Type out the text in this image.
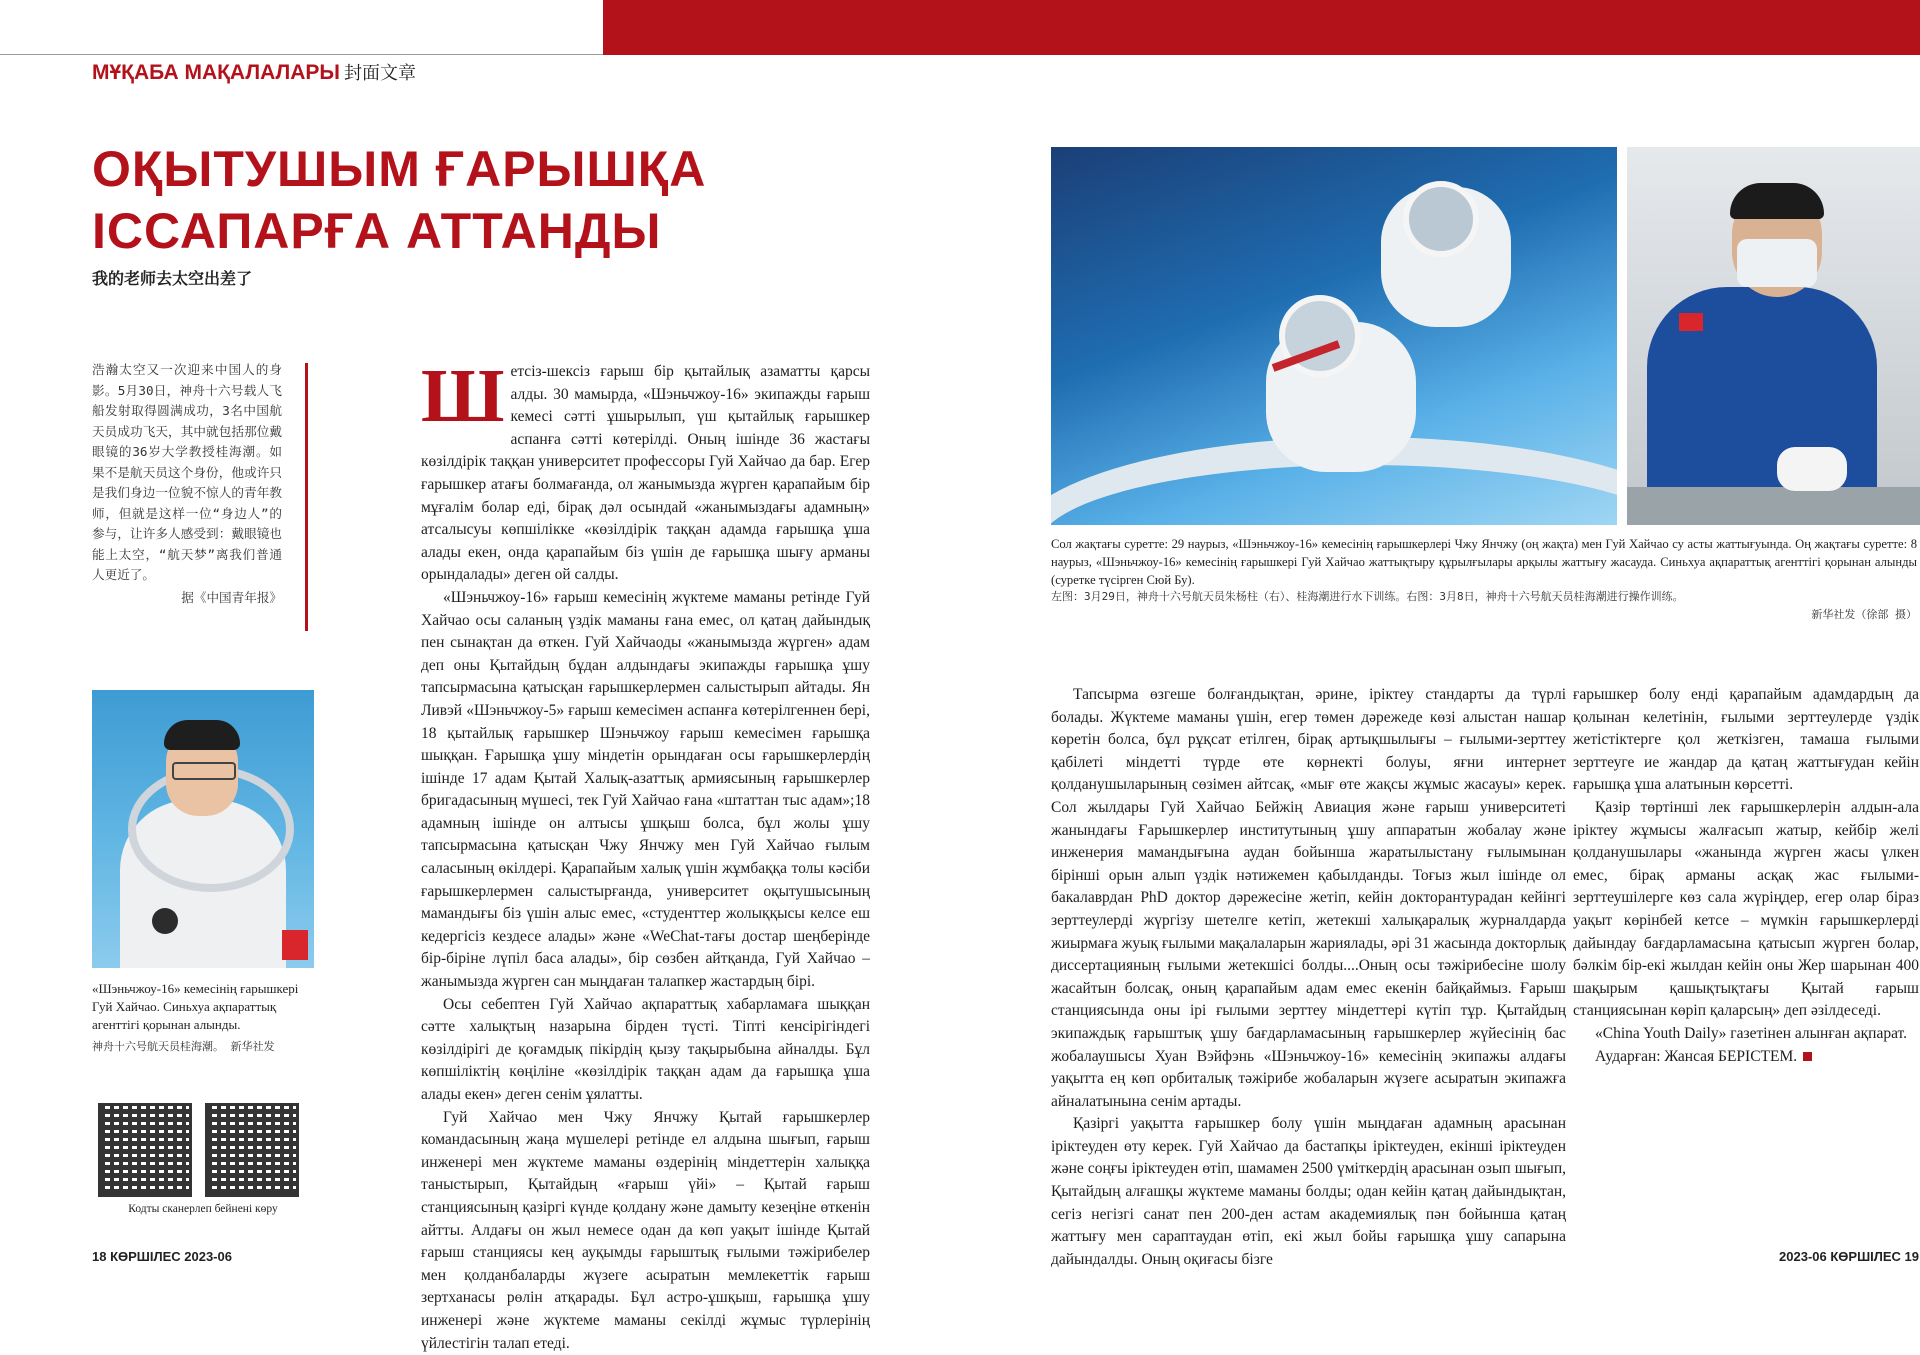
МҰҚАБА МАҚАЛАЛАРЫ 封面文章
ОҚЫТУШЫМ ҒАРЫШҚА ІССАПАРҒА АТТАНДЫ
我的老师去太空出差了
浩瀚太空又一次迎来中国人的身影。5月30日，神舟十六号载人飞船发射取得圆满成功，3名中国航天员成功飞天，其中就包括那位戴眼镜的36岁大学教授桂海潮。如果不是航天员这个身份，他或许只是我们身边一位貌不惊人的青年教师，但就是这样一位“身边人”的参与，让许多人感受到：戴眼镜也能上太空，“航天梦”离我们普通人更近了。
据《中国青年报》
«Шэньчжоу-16» кемесінің ғарышкері Гуй Хайчао. Синьхуа ақпараттық агенттігі қорынан алынды.
神舟十六号航天员桂海潮。 新华社发
Кодты сканерлеп бейнені көру

Шетсіз-шексіз ғарыш бір қытайлық азаматты қарсы алды. 30 мамырда, «Шэньчжоу-16» экипажды ғарыш кемесі сәтті ұшырылып, үш қытайлық ғарышкер аспанға сәтті көтерілді. Оның ішінде 36 жастағы көзілдірік таққан университет профессоры Гуй Хайчао да бар. Егер ғарышкер атағы болмағанда, ол жанымызда жүрген қарапайым бір мұғалім болар еді, бірақ дәл осындай «жанымыздағы адамның» атсалысуы көпшілікке «көзілдірік таққан адамда ғарышқа ұша алады екен, онда қарапайым біз үшін де ғарышқа шығу арманы орындалады» деген ой салды.

«Шэньчжоу-16» ғарыш кемесінің жүктеме маманы ретінде Гуй Хайчао осы саланың үздік маманы ғана емес, ол қатаң дайындық пен сынақтан да өткен. Гуй Хайчаоды «жанымызда жүрген» адам деп оны Қытайдың бұдан алдындағы экипажды ғарышқа ұшу тапсырмасына қатысқан ғарышкерлермен салыстырып айтады. Ян Ливэй «Шэньчжоу-5» ғарыш кемесімен аспанға көтерілгеннен бері, 18 қытайлық ғарышкер Шэньчжоу ғарыш кемесімен ғарышқа шыққан. Ғарышқа ұшу міндетін орындаған осы ғарышкерлердің ішінде 17 адам Қытай Халық-азаттық армиясының ғарышкерлер бригадасының мүшесі, тек Гуй Хайчао ғана «штаттан тыс адам»;18 адамның ішінде он алтысы ұшқыш болса, бұл жолы ұшу тапсырмасына қатысқан Чжу Янчжу мен Гуй Хайчао ғылым саласының өкілдері. Қарапайым халық үшін жұмбаққа толы кәсіби ғарышкерлермен салыстырғанда, университет оқытушысының мамандығы біз үшін алыс емес, «студенттер жолыққысы келсе еш кедергісіз кездесе алады» және «WeChat-тағы достар шеңберінде бір-біріне лүпіл баса алады», бір сөзбен айтқанда, Гуй Хайчао – жанымызда жүрген сан мыңдаған талапкер жастардың бірі.

Осы себептен Гуй Хайчао ақпараттық хабарламаға шыққан сәтте халықтың назарына бірден түсті. Тіпті кенсірігіндегі көзілдірігі де қоғамдық пікірдің қызу тақырыбына айналды. Бұл көпшіліктің көңіліне «көзілдірік таққан адам да ғарышқа ұша алады екен» деген сенім ұялатты.

Гуй Хайчао мен Чжу Янчжу Қытай ғарышкерлер командасының жаңа мүшелері ретінде ел алдына шығып, ғарыш инженері мен жүктеме маманы өздерінің міндеттерін халыққа таныстырып, Қытайдың «ғарыш үйі» – Қытай ғарыш станциясының қазіргі күнде қолдану және дамыту кезеңіне өткенін айтты. Алдағы он жыл немесе одан да көп уақыт ішінде Қытай ғарыш станциясы кең ауқымды ғарыштық ғылыми тәжірибелер мен қолданбаларды жүзеге асыратын мемлекеттік ғарыш зертханасы рөлін атқарады. Бұл астро-ұшқыш, ғарышқа ұшу инженері және жүктеме маманы секілді жұмыс түрлерінің үйлестігін талап етеді.

Сол жақтағы суретте: 29 наурыз, «Шэньчжоу-16» кемесінің ғарышкерлері Чжу Янчжу (оң жақта) мен Гуй Хайчао су асты жаттығуында. Оң жақтағы суретте: 8 наурыз, «Шэньчжоу-16» кемесінің ғарышкері Гуй Хайчао жаттықтыру құрылғылары арқылы жаттығу жасауда. Синьхуа ақпараттық агенттігі қорынан алынды (суретке түсірген Сюй Бу).
左图：3月29日，神舟十六号航天员朱杨柱（右）、桂海潮进行水下训练。右图：3月8日，神舟十六号航天员桂海潮进行操作训练。
新华社发（徐部 摄）

Тапсырма өзгеше болғандықтан, әрине, іріктеу стандарты да түрлі болады. Жүктеме маманы үшін, егер төмен дәрежеде көзі алыстан нашар көретін болса, бұл рұқсат етілген, бірақ артықшылығы – ғылыми-зерттеу қабілеті міндетті түрде өте көрнекті болуы, яғни интернет қолданушыларының сөзімен айтсақ, «мығ өте жақсы жұмыс жасауы» керек. Сол жылдары Гуй Хайчао Бейжің Авиация және ғарыш университеті жанындағы Ғарышкерлер институтының ұшу аппаратын жобалау және инженерия мамандығына аудан бойынша жаратылыстану ғылымынан бірінші орын алып үздік нәтижемен қабылданды. Тоғыз жыл ішінде ол бакалаврдан PhD доктор дәрежесіне жетіп, кейін докторантурадан кейінгі зерттеулерді жүргізу шетелге кетіп, жетекші халықаралық журналдарда жиырмаға жуық ғылыми мақалаларын жариялады, әрі 31 жасында докторлық диссертацияның ғылыми жетекшісі болды....Оның осы тәжірибесіне шолу жасайтын болсақ, оның қарапайым адам емес екенін байқаймыз. Ғарыш станциясында оны ірі ғылыми зерттеу міндеттері күтіп тұр. Қытайдың экипаждық ғарыштық ұшу бағдарламасының ғарышкерлер жүйесінің бас жобалаушысы Хуан Вэйфэнь «Шэньчжоу-16» кемесінің экипажы алдағы уақытта ең көп орбиталық тәжірибе жобаларын жүзеге асыратын экипажға айналатынына сенім артады.

Қазіргі уақытта ғарышкер болу үшін мыңдаған адамның арасынан іріктеуден өту керек. Гуй Хайчао да бастапқы іріктеуден, екінші іріктеуден және соңғы іріктеуден өтіп, шамамен 2500 үміткердің арасынан озып шығып, Қытайдың алғашқы жүктеме маманы болды; одан кейін қатаң дайындықтан, сегіз негізгі санат пен 200-ден астам академиялық пән бойынша қатаң жаттығу мен сараптаудан өтіп, екі жыл бойы ғарышқа ұшу сапарына дайындалды. Оның оқиғасы бізге

ғарышкер болу енді қарапайым адамдардың да қолынан келетінін, ғылыми зерттеулерде үздік жетістіктерге қол жеткізген, тамаша ғылыми зерттеуге ие жандар да қатаң жаттығудан кейін ғарышқа ұша алатынын көрсетті.

Қазір төртінші лек ғарышкерлерін алдын-ала іріктеу жұмысы жалғасып жатыр, кейбір желі қолданушылары «жанында жүрген жасы үлкен емес, бірақ арманы асқақ жас ғылыми-зерттеушілерге көз сала жүріңдер, егер олар біраз уақыт көрінбей кетсе – мүмкін ғарышкерлерді дайындау бағдарламасына қатысып жүрген болар, бәлкім бір-екі жылдан кейін оны Жер шарынан 400 шақырым қашықтықтағы Қытай ғарыш станциясынан көріп қаларсың» деп әзілдеседі.

«China Youth Daily» газетінен алынған ақпарат.

Аударған: Жансая БЕРІСТЕМ.

18 КӨРШІЛЕС 2023-06	2023-06 КӨРШІЛЕС 19
